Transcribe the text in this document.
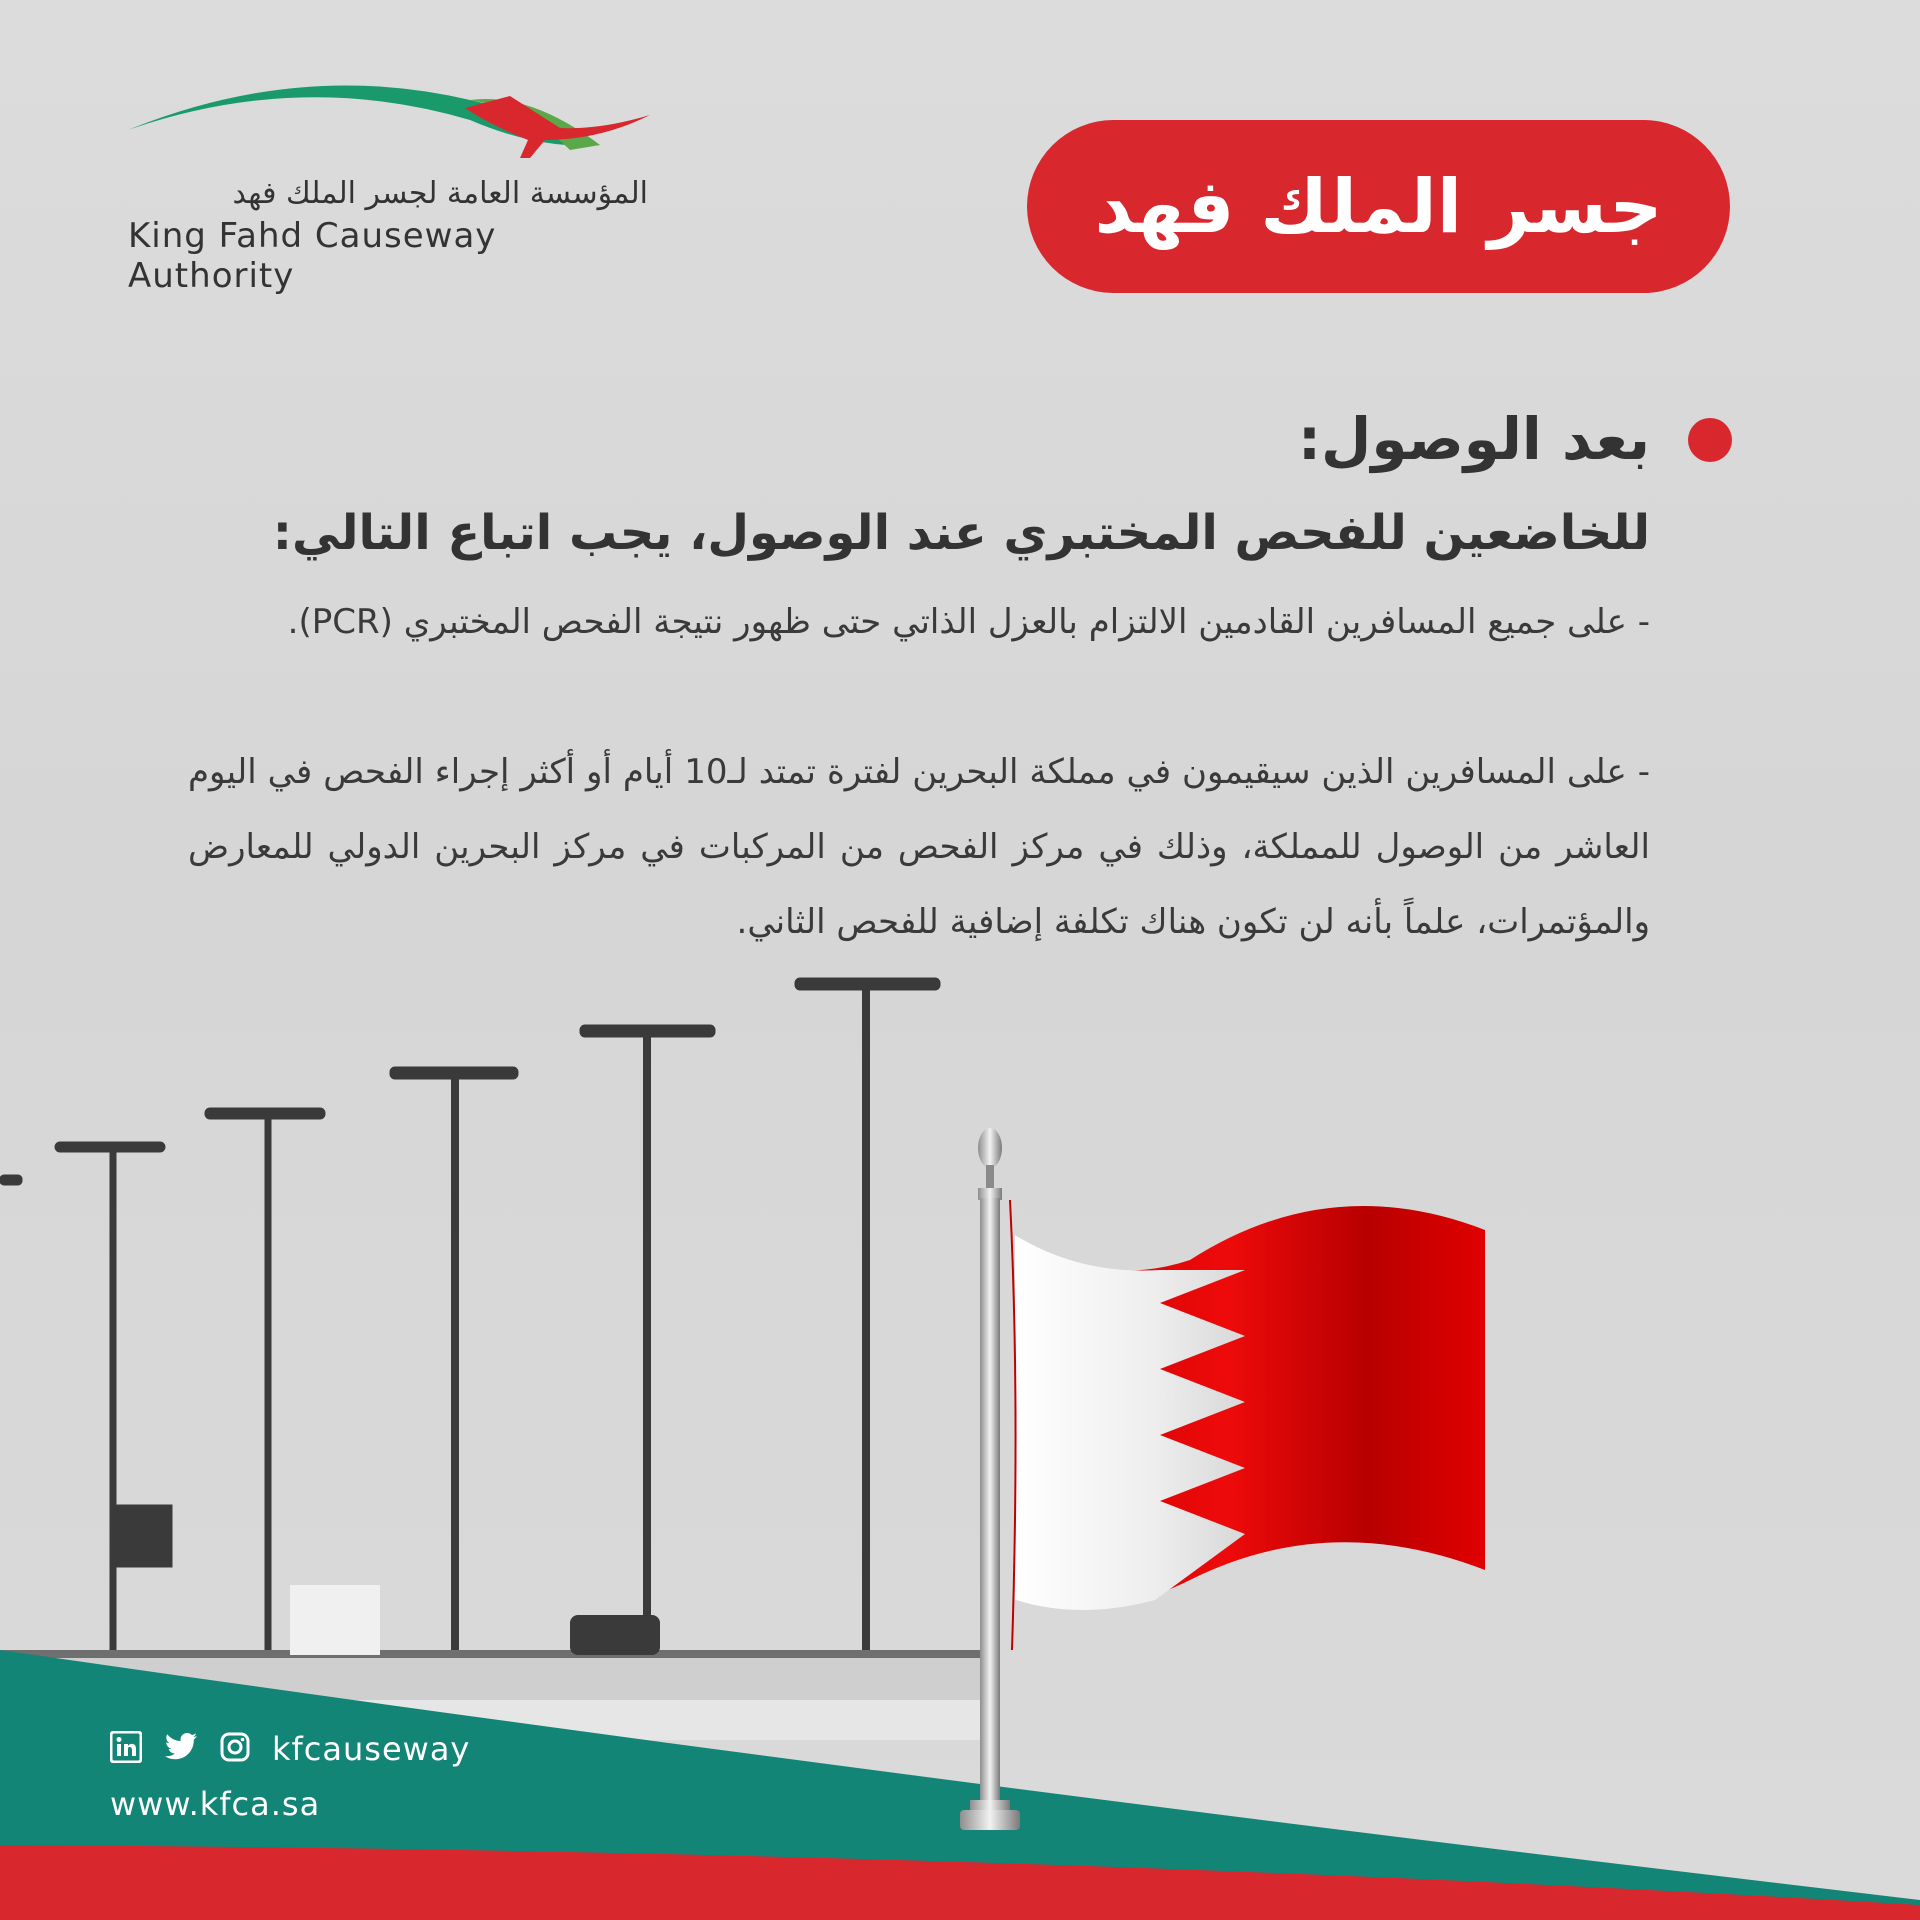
المؤسسة العامة لجسر الملك فهد
King Fahd Causeway Authority
جسر الملك فهد
بعد الوصول:
للخاضعين للفحص المختبري عند الوصول، يجب اتباع التالي:
- على جميع المسافرين القادمين الالتزام بالعزل الذاتي حتى ظهور نتيجة الفحص المختبري (PCR).
- على المسافرين الذين سيقيمون في مملكة البحرين لفترة تمتد لـ10 أيام أو أكثر إجراء الفحص في اليوم العاشر من الوصول للمملكة، وذلك في مركز الفحص من المركبات في مركز البحرين الدولي للمعارض والمؤتمرات، علماً بأنه لن تكون هناك تكلفة إضافية للفحص الثاني.
kfcauseway
www.kfca.sa
